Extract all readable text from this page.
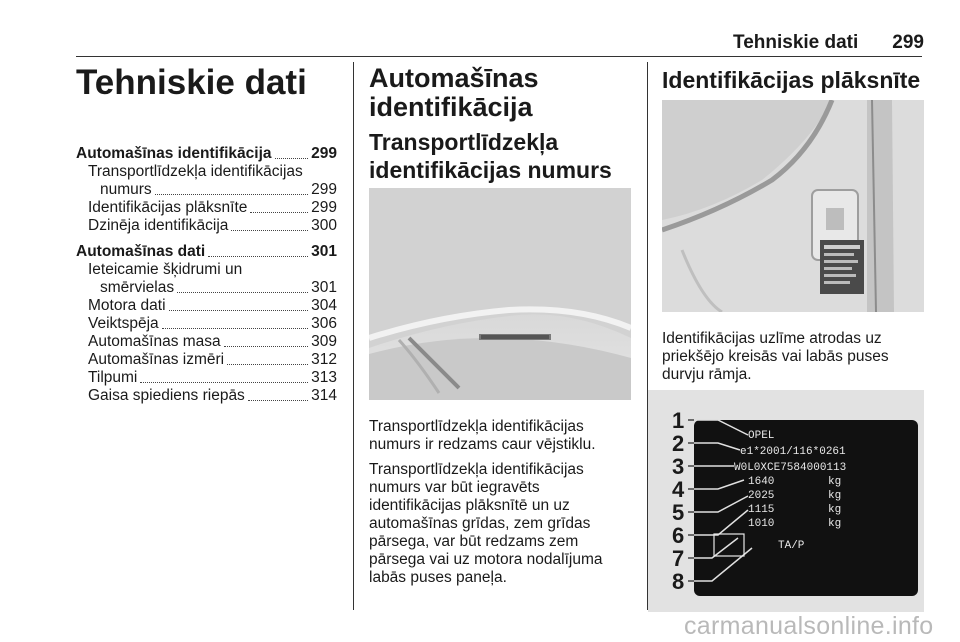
Tehniskie dati 299
Tehniskie dati
Automašīnas identifikācija	299
Transportlīdzekļa identifikācijas
numurs	299
Identifikācijas plāksnīte	299
Dzinēja identifikācija	300
Automašīnas dati	301
Ieteicamie šķidrumi un
smērvielas	301
Motora dati	304
Veiktspēja	306
Automašīnas masa	309
Automašīnas izmēri	312
Tilpumi	313
Gaisa spiediens riepās	314
Automašīnas
identifikācija
Transportlīdzekļa
identifikācijas numurs

Transportlīdzekļa identifikācijas
numurs ir redzams caur vējstiklu.

Transportlīdzekļa identifikācijas
numurs var būt iegravēts
identifikācijas plāksnītē un uz
automašīnas grīdas, zem grīdas
pārsega, var būt redzams zem
pārsega vai uz motora nodalījuma
labās puses paneļa.

Identifikācijas plāksnīte

Identifikācijas uzlīme atrodas uz
priekšējo kreisās vai labās puses
durvju rāmja.

1
2
3
4
5
6
7
8
OPEL
e1*2001/116*0261
W0L0XCE7584000113
1640
2025
1115
1010
kg
kg
kg
kg
TA/P
carmanualsonline.info
